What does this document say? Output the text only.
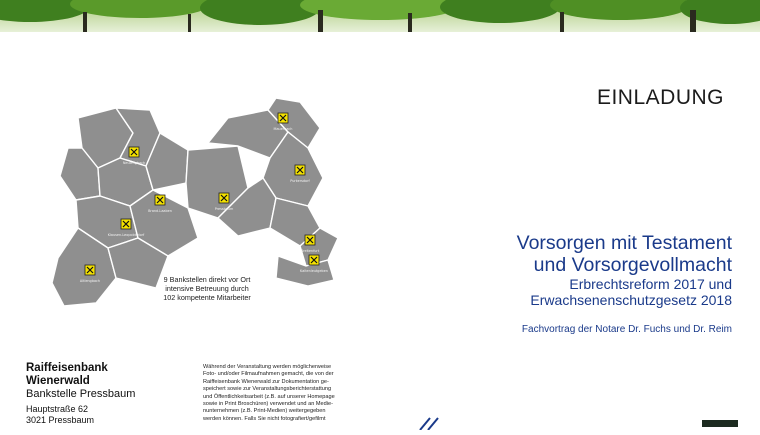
Neulengbach
Mauerbach
Purkersdorf
Pressbaum
Brand-Laaben
Breitenfurt
Kaltenleutgeben
Altlengbach
Klausen-Leopoldsdorf
9 Bankstellen direkt vor Ort
intensive Betreuung durch
102 kompetente Mitarbeiter
EINLADUNG
Vorsorgen mit Testament
und Vorsorgevollmacht
Erbrechtsreform 2017 und
Erwachsenenschutzgesetz 2018
Fachvortrag der Notare Dr. Fuchs und Dr. Reim
Raiffeisenbank
Wienerwald
Bankstelle Pressbaum
Hauptstraße 62
3021 Pressbaum
Während der Veranstaltung werden möglicherweise
Foto- und/oder Filmaufnahmen gemacht, die von der
Raiffeisenbank Wienerwald zur Dokumentation ge-
speichert sowie zur Veranstaltungsberichterstattung
und Öffentlichkeitsarbeit (z.B. auf unserer Homepage
sowie in Print Broschüren) verwendet und an Medie-
nunternehmen (z.B. Print-Medien) weitergegeben
werden können. Falls Sie nicht fotografiert/gefilmt
